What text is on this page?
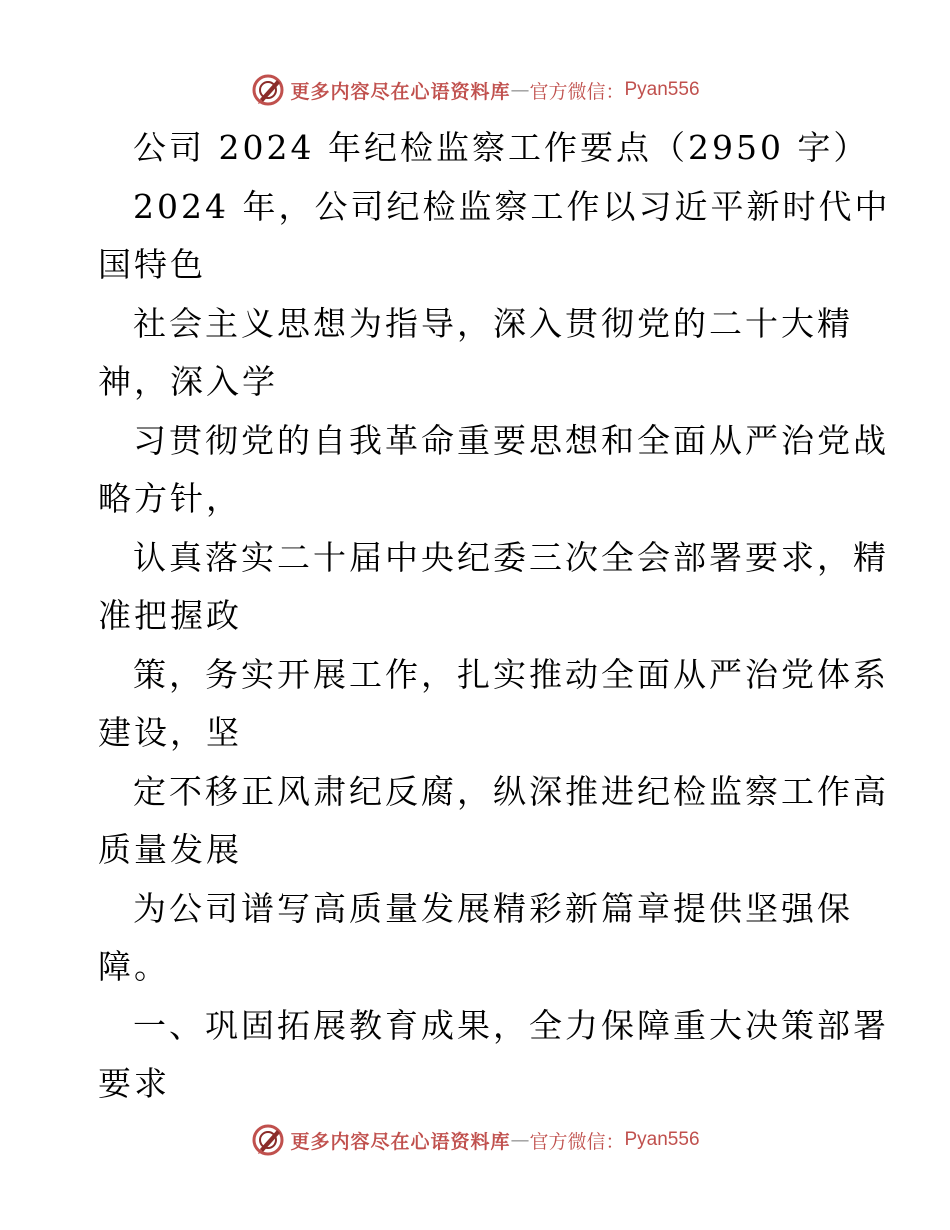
更多内容尽在心语资料库 — 官方微信： Pyan556
公司 2024 年纪检监察工作要点（2950 字）
2024 年，公司纪检监察工作以习近平新时代中
国特色
社会主义思想为指导，深入贯彻党的二十大精
神，深入学
习贯彻党的自我革命重要思想和全面从严治党战
略方针，
认真落实二十届中央纪委三次全会部署要求，精
准把握政
策，务实开展工作，扎实推动全面从严治党体系
建设，坚
定不移正风肃纪反腐，纵深推进纪检监察工作高
质量发展
为公司谱写高质量发展精彩新篇章提供坚强保
障。
一、巩固拓展教育成果，全力保障重大决策部署
要求
更多内容尽在心语资料库 — 官方微信： Pyan556
